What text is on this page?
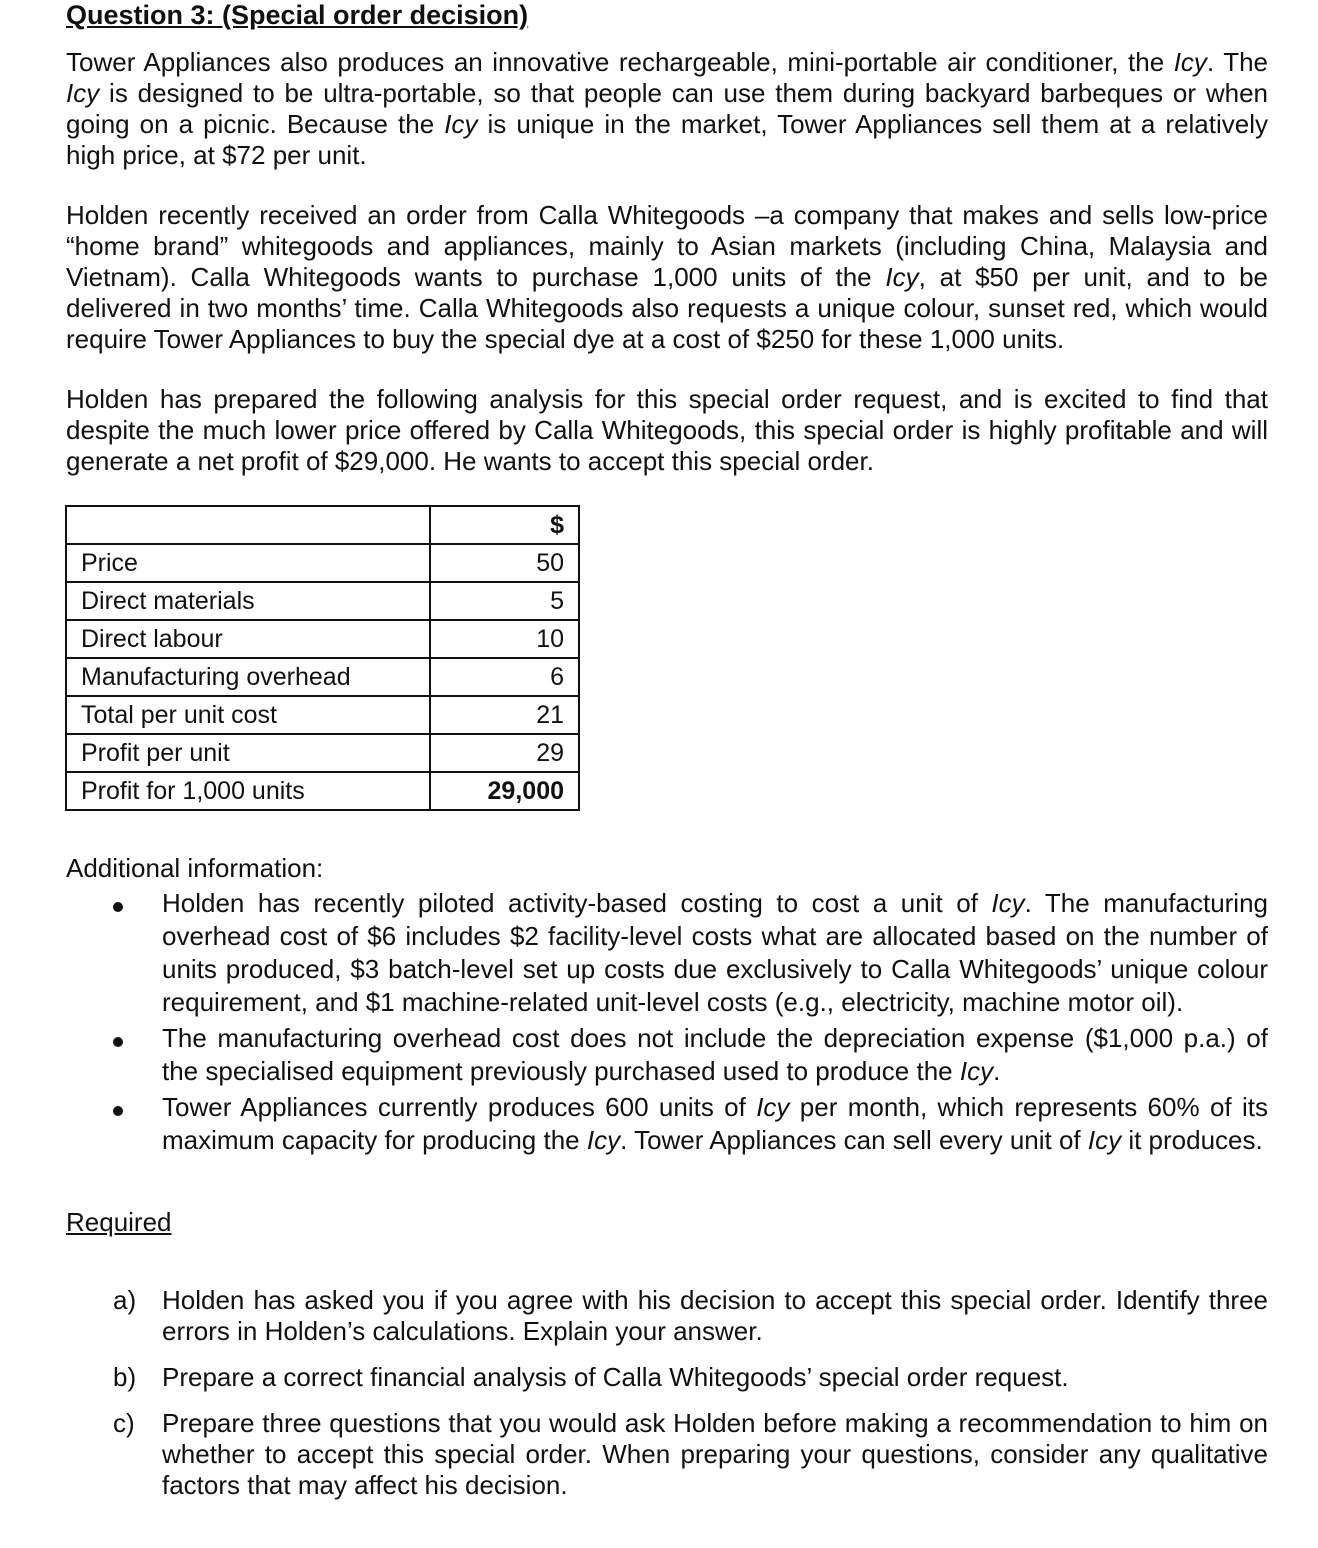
Question 3: (Special order decision)
Tower Appliances also produces an innovative rechargeable, mini-portable air conditioner, the Icy. The Icy is designed to be ultra-portable, so that people can use them during backyard barbeques or when going on a picnic. Because the Icy is unique in the market, Tower Appliances sell them at a relatively high price, at $72 per unit.
Holden recently received an order from Calla Whitegoods –a company that makes and sells low-price “home brand” whitegoods and appliances, mainly to Asian markets (including China, Malaysia and Vietnam). Calla Whitegoods wants to purchase 1,000 units of the Icy, at $50 per unit, and to be delivered in two months’ time. Calla Whitegoods also requests a unique colour, sunset red, which would require Tower Appliances to buy the special dye at a cost of $250 for these 1,000 units.
Holden has prepared the following analysis for this special order request, and is excited to find that despite the much lower price offered by Calla Whitegoods, this special order is highly profitable and will generate a net profit of $29,000. He wants to accept this special order.
	$
Price	50
Direct materials	5
Direct labour	10
Manufacturing overhead	6
Total per unit cost	21
Profit per unit	29
Profit for 1,000 units	29,000
Additional information:
Holden has recently piloted activity-based costing to cost a unit of Icy. The manufacturing overhead cost of $6 includes $2 facility-level costs what are allocated based on the number of units produced, $3 batch-level set up costs due exclusively to Calla Whitegoods’ unique colour requirement, and $1 machine-related unit-level costs (e.g., electricity, machine motor oil).
The manufacturing overhead cost does not include the depreciation expense ($1,000 p.a.) of the specialised equipment previously purchased used to produce the Icy.
Tower Appliances currently produces 600 units of Icy per month, which represents 60% of its maximum capacity for producing the Icy. Tower Appliances can sell every unit of Icy it produces.
Required
a) Holden has asked you if you agree with his decision to accept this special order. Identify three errors in Holden’s calculations. Explain your answer.
b) Prepare a correct financial analysis of Calla Whitegoods’ special order request.
c) Prepare three questions that you would ask Holden before making a recommendation to him on whether to accept this special order. When preparing your questions, consider any qualitative factors that may affect his decision.
